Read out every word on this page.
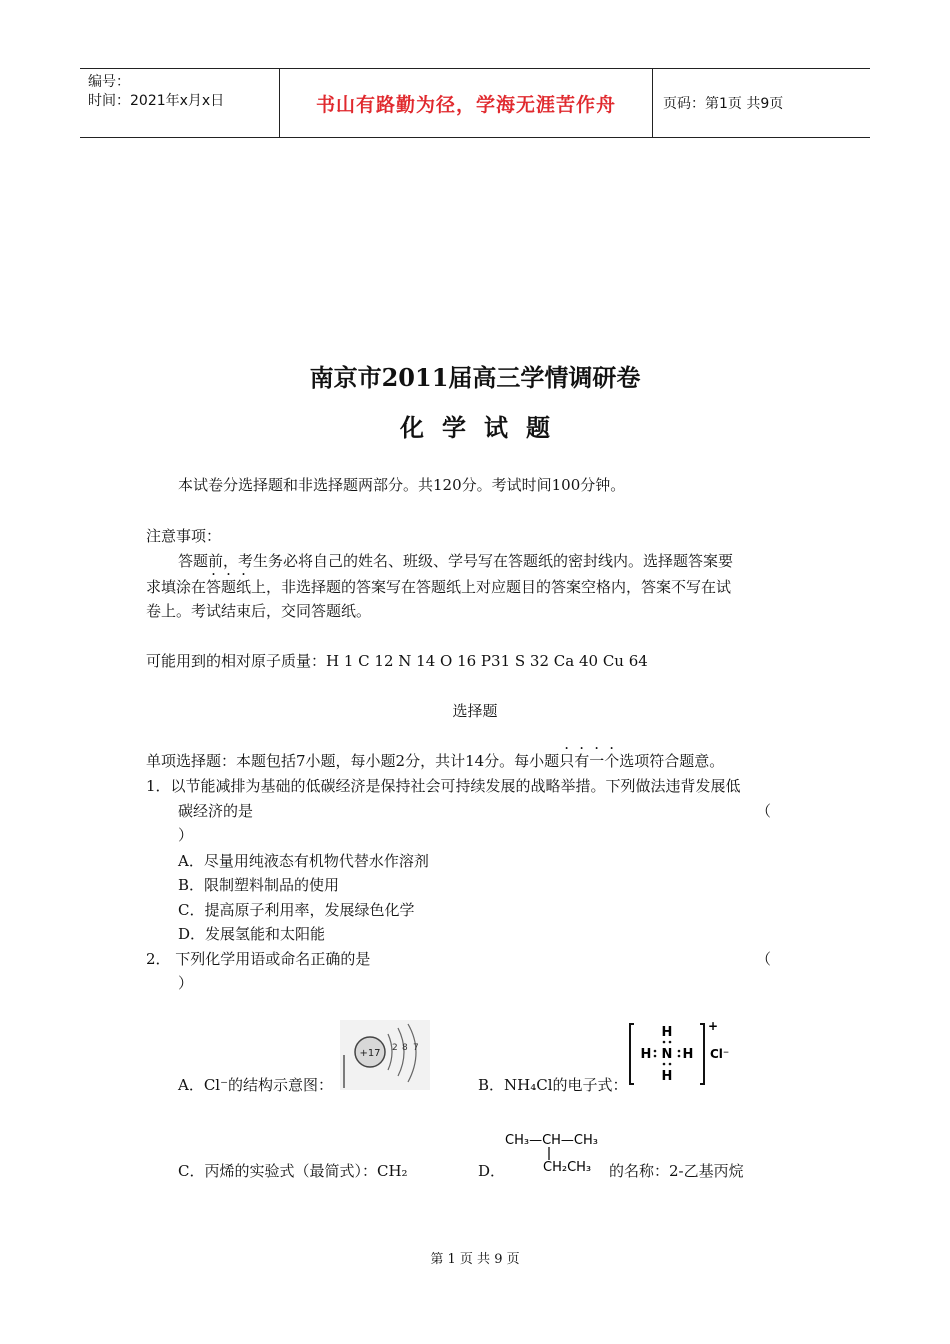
编号：
时间：2021年x月x日	书山有路勤为径，学海无涯苦作舟	页码：第1页 共9页
南京市2011届高三学情调研卷
化学试题
本试卷分选择题和非选择题两部分。共120分。考试时间100分钟。
注意事项：
答题前，考生务必将自己的姓名、班级、学号写在答题纸的密封线内。选择题答案要
求填涂在答题纸
· · ·
上，非选择题的答案写在答题纸上对应题目的答案空格内，答案不写在试
卷上。考试结束后，交同答题纸。
可能用到的相对原子质量：H 1 C 12 N 14 O 16 P31 S 32 Ca 40 Cu 64
选择题
单项选择题：本题包括7小题，每小题2分，共计14分。每小题只有一个
· · · ·
选项符合题意。
1．以节能减排为基础的低碳经济是保持社会可持续发展的战略举措。下列做法违背发展低
碳经济的是	（
）
A．尽量用纯液态有机物代替水作溶剂
B．限制塑料制品的使用
C．提高原子利用率，发展绿色化学
D．发展氢能和太阳能
2． 下列化学用语或命名正确的是	（
）
A．Cl⁻的结构示意图：
+17 2 8 7
B．NH₄Cl的电子式：
H
N
H H
H
+
Cl⁻
C．丙烯的实验式（最简式）：CH₂	D．
CH₃—CH—CH₃
CH₂CH₃ 的名称：2-乙基丙烷
第 1 页 共 9 页
